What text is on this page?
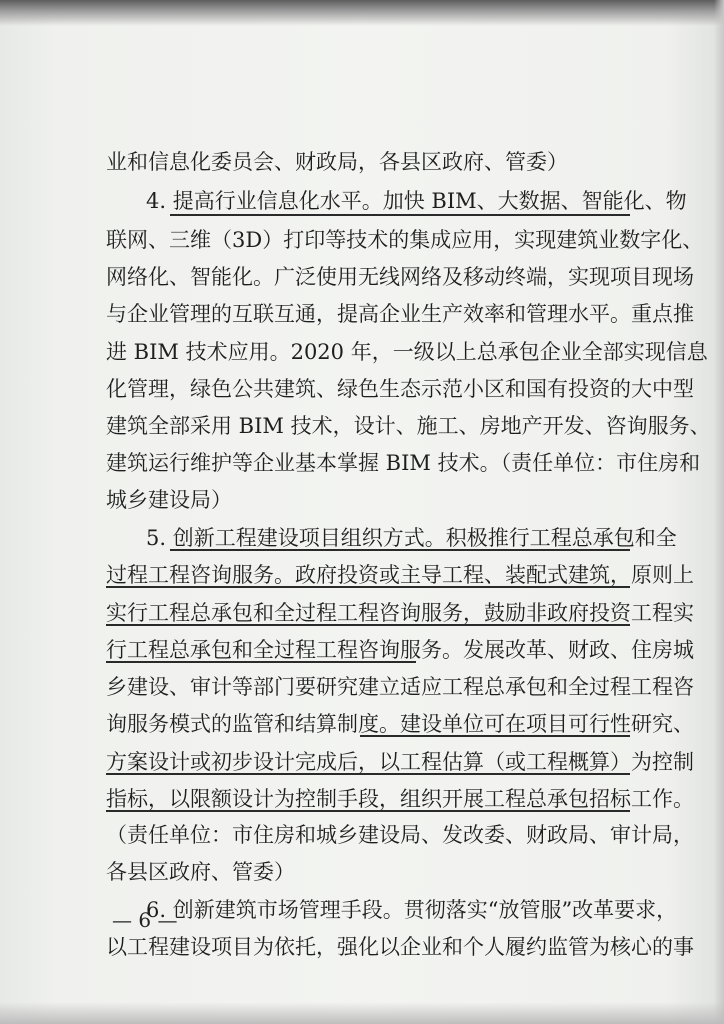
业和信息化委员会、财政局，各县区政府、管委）
4. 提高行业信息化水平。加快 BIM、大数据、智能化、物
联网、三维（3D）打印等技术的集成应用，实现建筑业数字化、
网络化、智能化。广泛使用无线网络及移动终端，实现项目现场
与企业管理的互联互通，提高企业生产效率和管理水平。重点推
进 BIM 技术应用。2020 年，一级以上总承包企业全部实现信息
化管理，绿色公共建筑、绿色生态示范小区和国有投资的大中型
建筑全部采用 BIM 技术，设计、施工、房地产开发、咨询服务、
建筑运行维护等企业基本掌握 BIM 技术。（责任单位：市住房和
城乡建设局）
5. 创新工程建设项目组织方式。积极推行工程总承包和全
过程工程咨询服务。政府投资或主导工程、装配式建筑，原则上
实行工程总承包和全过程工程咨询服务，鼓励非政府投资工程实
行工程总承包和全过程工程咨询服务。发展改革、财政、住房城
乡建设、审计等部门要研究建立适应工程总承包和全过程工程咨
询服务模式的监管和结算制度。建设单位可在项目可行性研究、
方案设计或初步设计完成后，以工程估算（或工程概算）为控制
指标，以限额设计为控制手段，组织开展工程总承包招标工作。
（责任单位：市住房和城乡建设局、发改委、财政局、审计局，
各县区政府、管委）
6. 创新建筑市场管理手段。贯彻落实“放管服”改革要求，
以工程建设项目为依托，强化以企业和个人履约监管为核心的事
— 6 —
